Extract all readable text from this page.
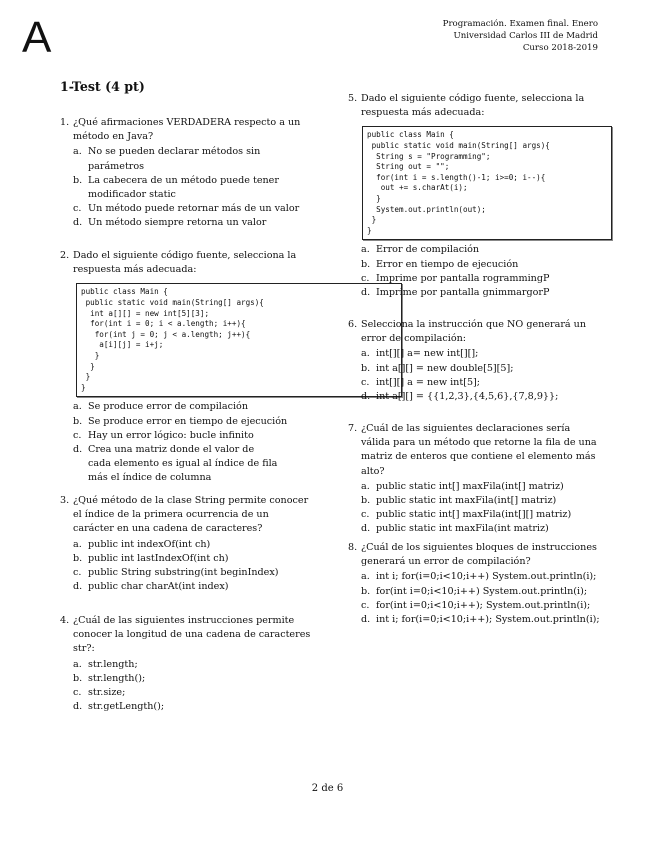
A	Programación. Examen final. Enero
Universidad Carlos III de Madrid
Curso 2018-2019
1-Test (4 pt)
1. ¿Qué afirmaciones VERDADERA respecto a un método en Java?
a. No se pueden declarar métodos sin parámetros
b. La cabecera de un método puede tener modificador static
c. Un método puede retornar más de un valor
d. Un método siempre retorna un valor
2. Dado el siguiente código fuente, selecciona la respuesta más adecuada:
public class Main {
public static void main(String[] args){
int a[][] = new int[5][3];
for(int i = 0; i < a.length; i++){
for(int j = 0; j < a.length; j++){
a[i][j] = i+j;
}
}
}
}
a. Se produce error de compilación
b. Se produce error en tiempo de ejecución
c. Hay un error lógico: bucle infinito
d. Crea una matriz donde el valor de cada elemento es igual al índice de fila más el índice de columna
3. ¿Qué método de la clase String permite conocer el índice de la primera ocurrencia de un carácter en una cadena de caracteres?
a. public int indexOf(int ch)
b. public int lastIndexOf(int ch)
c. public String substring(int beginIndex)
d. public char charAt(int index)
4. ¿Cuál de las siguientes instrucciones permite conocer la longitud de una cadena de caracteres str?:
a. str.length;
b. str.length();
c. str.size;
d. str.getLength();
5. Dado el siguiente código fuente, selecciona la respuesta más adecuada:
public class Main {
public static void main(String[] args){
String s = "Programming";
String out = "";
for(int i = s.length()-1; i>=0; i--){
out += s.charAt(i);
}
System.out.println(out);
}
}
a. Error de compilación
b. Error en tiempo de ejecución
c. Imprime por pantalla rogrammingP
d. Imprime por pantalla gnimmargorP
6. Selecciona la instrucción que NO generará un error de compilación:
a. int[][] a= new int[][];
b. int a[][] = new double[5][5];
c. int[][] a = new int[5];
d. int a[][] = {{1,2,3},{4,5,6},{7,8,9}};
7. ¿Cuál de las siguientes declaraciones sería válida para un método que retorne la fila de una matriz de enteros que contiene el elemento más alto?
a. public static int[] maxFila(int[] matriz)
b. public static int maxFila(int[] matriz)
c. public static int[] maxFila(int[][] matriz)
d. public static int maxFila(int matriz)
8. ¿Cuál de los siguientes bloques de instrucciones generará un error de compilación?
a. int i; for(i=0;i<10;i++) System.out.println(i);
b. for(int i=0;i<10;i++) System.out.println(i);
c. for(int i=0;i<10;i++); System.out.println(i);
d. int i; for(i=0;i<10;i++); System.out.println(i);
2 de 6
